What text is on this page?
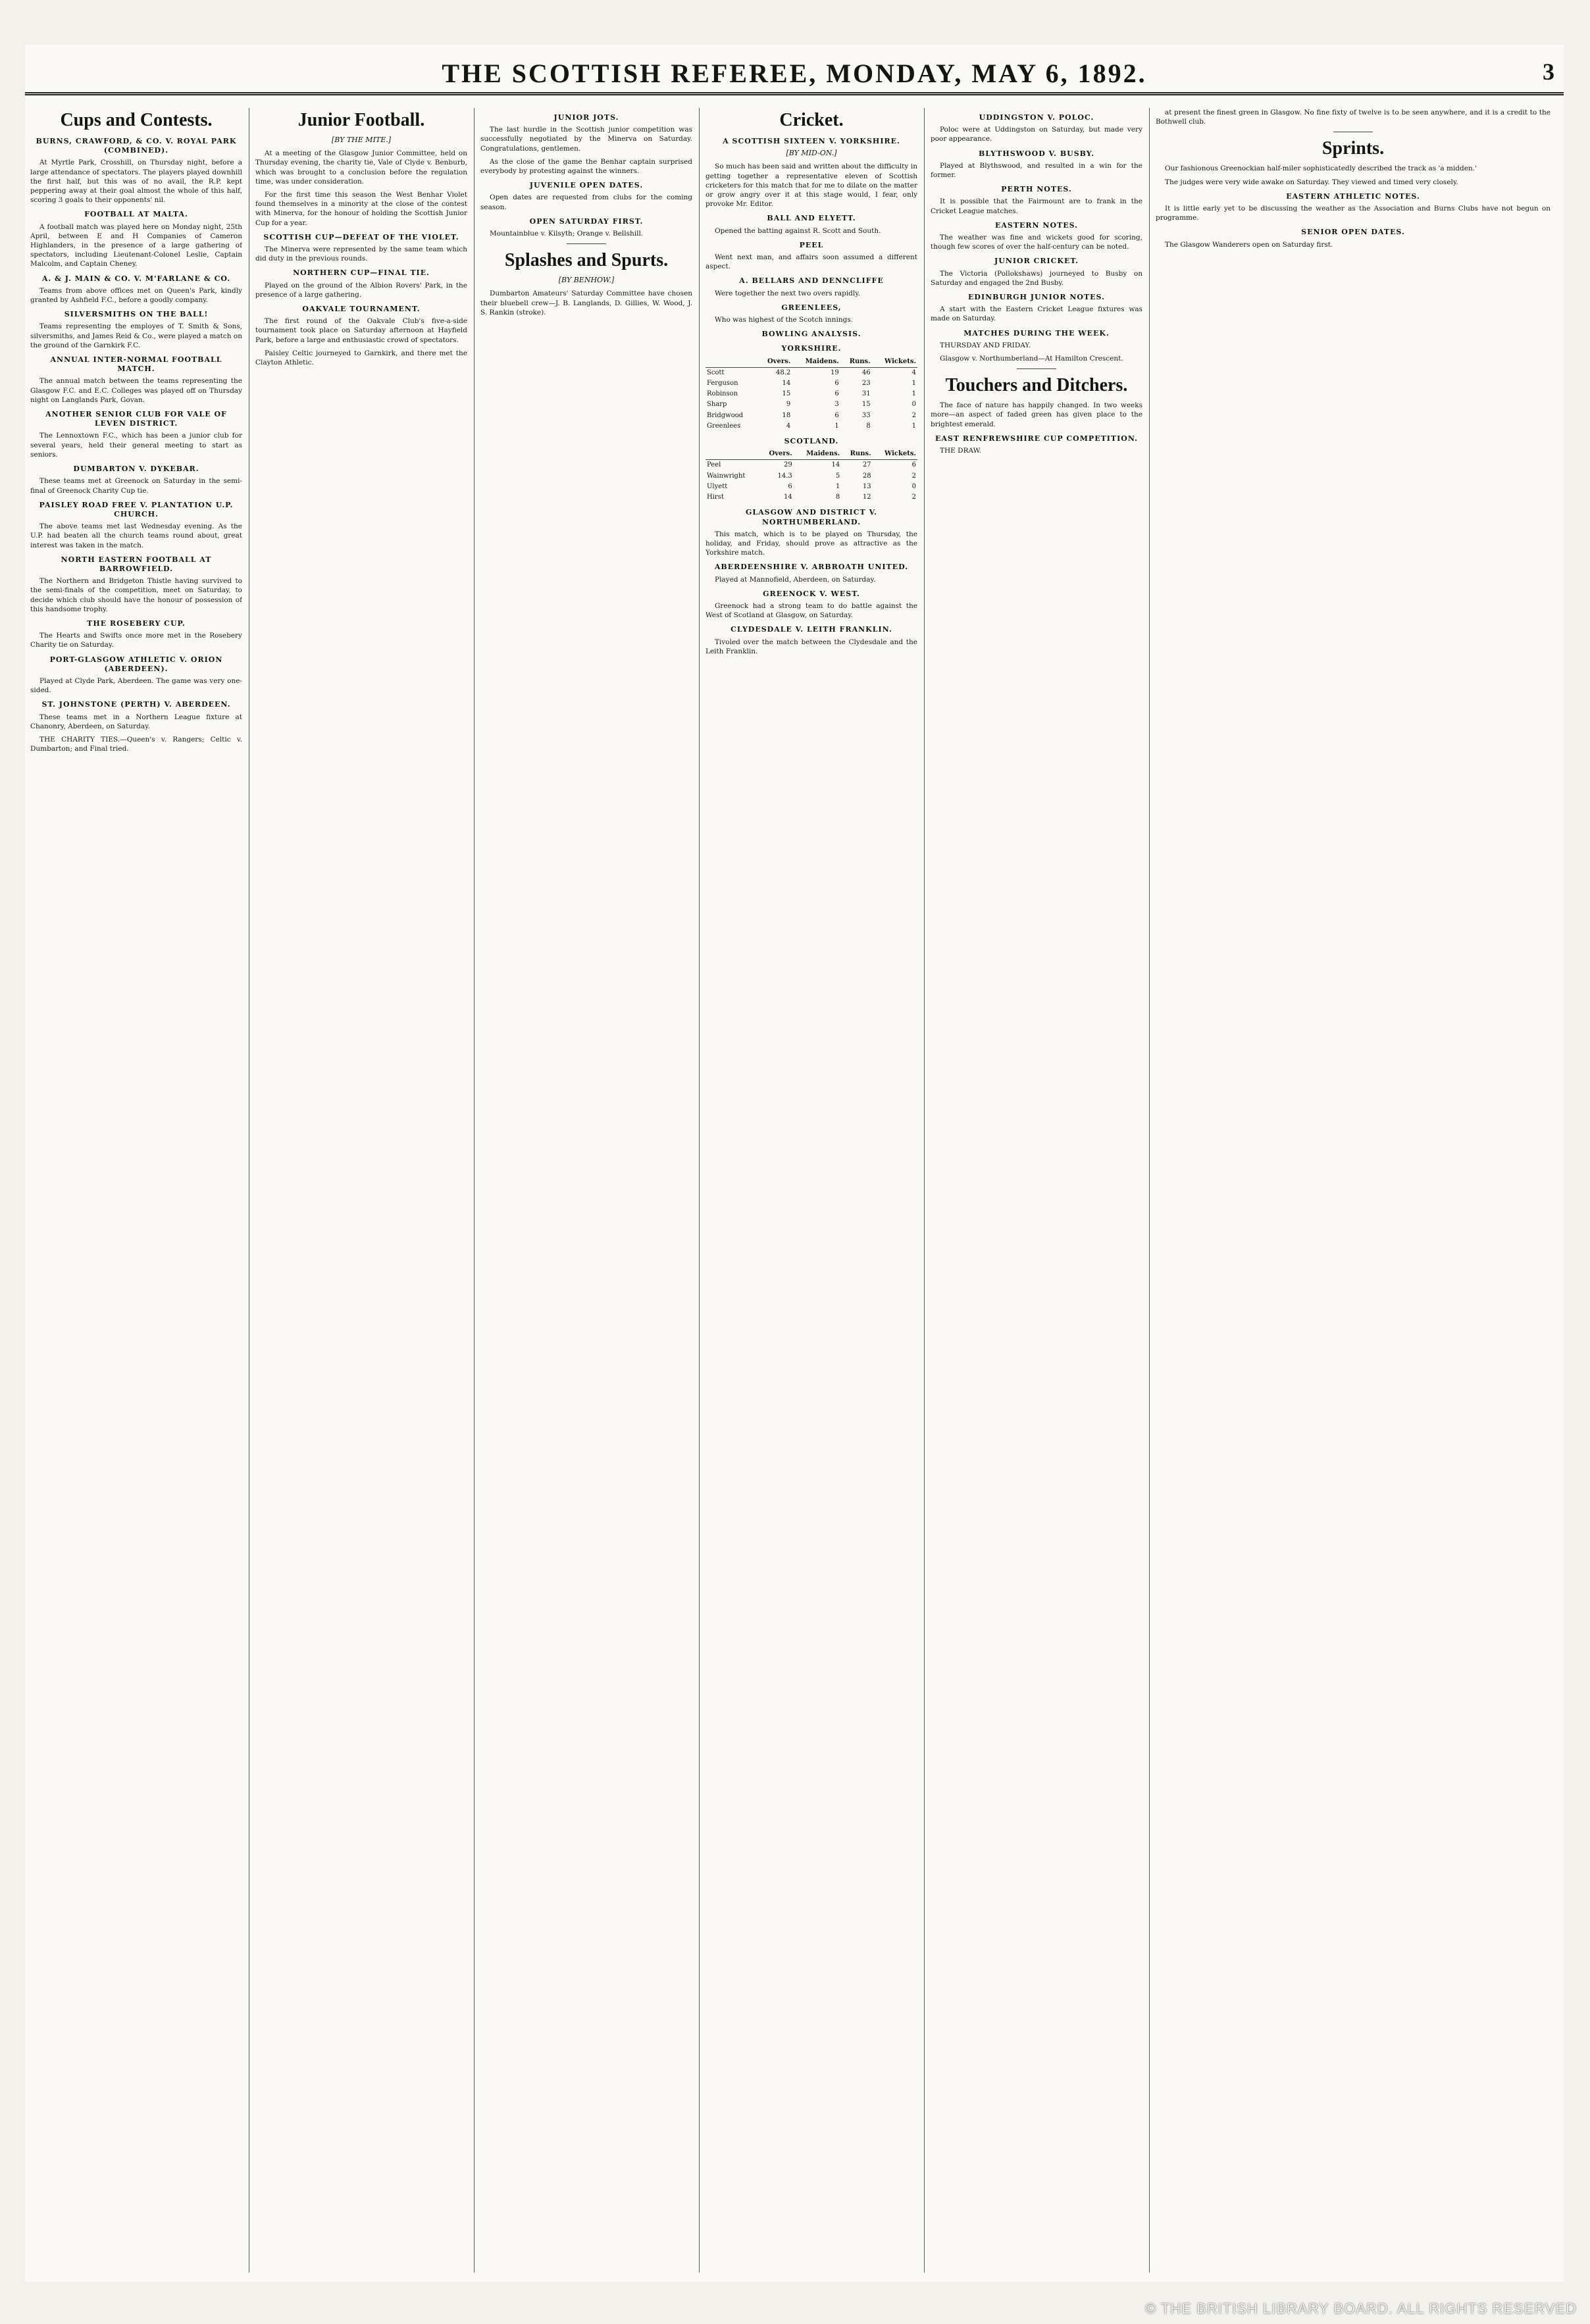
THE SCOTTISH REFEREE, MONDAY, MAY 6, 1892.	3
Cups and Contests.
BURNS, CRAWFORD, & CO. V. ROYAL PARK (COMBINED).

At Myrtle Park, Crosshill, on Thursday night, before a large attendance of spectators. The players played downhill the first half, but this was of no avail, the R.P. kept peppering away at their goal almost the whole of this half, scoring 3 goals to their opponents' nil.

FOOTBALL AT MALTA.

A football match was played here on Monday night, 25th April, between E and H Companies of Cameron Highlanders, in the presence of a large gathering of spectators, including Lieutenant-Colonel Leslie, Captain Malcolm, and Captain Cheney.

A. & J. MAIN & CO. V. M'FARLANE & CO.

Teams from above offices met on Queen's Park, kindly granted by Ashfield F.C., before a goodly company.

SILVERSMITHS ON THE BALL!

Teams representing the employes of T. Smith & Sons, silversmiths, and James Reid & Co., were played a match on the ground of the Garnkirk F.C.

ANNUAL INTER-NORMAL FOOTBALL MATCH.

The annual match between the teams representing the Glasgow F.C. and E.C. Colleges was played off on Thursday night on Langlands Park, Govan.

ANOTHER SENIOR CLUB FOR VALE OF LEVEN DISTRICT.

The Lennoxtown F.C., which has been a junior club for several years, held their general meeting to start as seniors.

DUMBARTON V. DYKEBAR.

These teams met at Greenock on Saturday in the semi-final of Greenock Charity Cup tie.

PAISLEY ROAD FREE V. PLANTATION U.P. CHURCH.

The above teams met last Wednesday evening. As the U.P. had beaten all the church teams round about, great interest was taken in the match.

NORTH EASTERN FOOTBALL AT BARROWFIELD.

The Northern and Bridgeton Thistle having survived to the semi-finals of the competition, meet on Saturday, to decide which club should have the honour of possession of this handsome trophy.

THE ROSEBERY CUP.

The Hearts and Swifts once more met in the Rosebery Charity tie on Saturday.

PORT-GLASGOW ATHLETIC V. ORION (ABERDEEN).

Played at Clyde Park, Aberdeen. The game was very one-sided.

ST. JOHNSTONE (PERTH) V. ABERDEEN.

These teams met in a Northern League fixture at Chanonry, Aberdeen, on Saturday.

THE CHARITY TIES.—Queen's v. Rangers; Celtic v. Dumbarton; and Final tried.

Junior Football.
[BY THE MITE.]

At a meeting of the Glasgow Junior Committee, held on Thursday evening, the charity tie, Vale of Clyde v. Benburb, which was brought to a conclusion before the regulation time, was under consideration.

For the first time this season the West Benhar Violet found themselves in a minority at the close of the contest with Minerva, for the honour of holding the Scottish Junior Cup for a year.

SCOTTISH CUP—DEFEAT OF THE VIOLET.

The Minerva were represented by the same team which did duty in the previous rounds.

NORTHERN CUP—FINAL TIE.

Played on the ground of the Albion Rovers' Park, in the presence of a large gathering.

OAKVALE TOURNAMENT.

The first round of the Oakvale Club's five-a-side tournament took place on Saturday afternoon at Hayfield Park, before a large and enthusiastic crowd of spectators.

Paisley Celtic journeyed to Garnkirk, and there met the Clayton Athletic.

JUNIOR JOTS.

The last hurdle in the Scottish junior competition was successfully negotiated by the Minerva on Saturday. Congratulations, gentlemen.

As the close of the game the Benhar captain surprised everybody by protesting against the winners.

JUVENILE OPEN DATES.

Open dates are requested from clubs for the coming season.

OPEN SATURDAY FIRST.

Mountainblue v. Kilsyth; Orange v. Bellshill.

Splashes and Spurts.
[BY BENHOW.]

Dumbarton Amateurs' Saturday Committee have chosen their bluebell crew—J. B. Langlands, D. Gillies, W. Wood, J. S. Rankin (stroke).

Cricket.
A SCOTTISH SIXTEEN V. YORKSHIRE.
[BY MID-ON.]

So much has been said and written about the difficulty in getting together a representative eleven of Scottish cricketers for this match that for me to dilate on the matter or grow angry over it at this stage would, I fear, only provoke Mr. Editor.

BALL AND ELYETT.

Opened the batting against R. Scott and South.

PEEL

Went next man, and affairs soon assumed a different aspect.

A. BELLARS AND DENNCLIFFE

Were together the next two overs rapidly.

GREENLEES,

Who was highest of the Scotch innings.

BOWLING ANALYSIS.
YORKSHIRE.
	Overs.	Maidens.	Runs.	Wickets.
Scott	48.2	19	46	4
Ferguson	14	6	23	1
Robinson	15	6	31	1
Sharp	9	3	15	0
Bridgwood	18	6	33	2
Greenlees	4	1	8	1
SCOTLAND.
	Overs.	Maidens.	Runs.	Wickets.
Peel	29	14	27	6
Wainwright	14.3	5	28	2
Ulyett	6	1	13	0
Hirst	14	8	12	2
GLASGOW AND DISTRICT V. NORTHUMBERLAND.

This match, which is to be played on Thursday, the holiday, and Friday, should prove as attractive as the Yorkshire match.

ABERDEENSHIRE V. ARBROATH UNITED.

Played at Mannofield, Aberdeen, on Saturday.

GREENOCK V. WEST.

Greenock had a strong team to do battle against the West of Scotland at Glasgow, on Saturday.

CLYDESDALE V. LEITH FRANKLIN.

Tivoled over the match between the Clydesdale and the Leith Franklin.

UDDINGSTON V. POLOC.

Poloc were at Uddingston on Saturday, but made very poor appearance.

BLYTHSWOOD V. BUSBY.

Played at Blythswood, and resulted in a win for the former.

PERTH NOTES.

It is possible that the Fairmount are to frank in the Cricket League matches.

EASTERN NOTES.

The weather was fine and wickets good for scoring, though few scores of over the half-century can be noted.

JUNIOR CRICKET.

The Victoria (Pollokshaws) journeyed to Busby on Saturday and engaged the 2nd Busby.

EDINBURGH JUNIOR NOTES.

A start with the Eastern Cricket League fixtures was made on Saturday.

MATCHES DURING THE WEEK.

THURSDAY AND FRIDAY.

Glasgow v. Northumberland—At Hamilton Crescent.

Touchers and Ditchers.

The face of nature has happily changed. In two weeks more—an aspect of faded green has given place to the brightest emerald.

EAST RENFREWSHIRE CUP COMPETITION.

THE DRAW.

at present the finest green in Glasgow. No fine fixty of twelve is to be seen anywhere, and it is a credit to the Bothwell club.

Sprints.

Our fashionous Greenockian half-miler sophisticatedly described the track as 'a midden.'

The judges were very wide awake on Saturday. They viewed and timed very closely.

EASTERN ATHLETIC NOTES.

It is little early yet to be discussing the weather as the Association and Burns Clubs have not begun on programme.

SENIOR OPEN DATES.

The Glasgow Wanderers open on Saturday first.

© THE BRITISH LIBRARY BOARD. ALL RIGHTS RESERVED
